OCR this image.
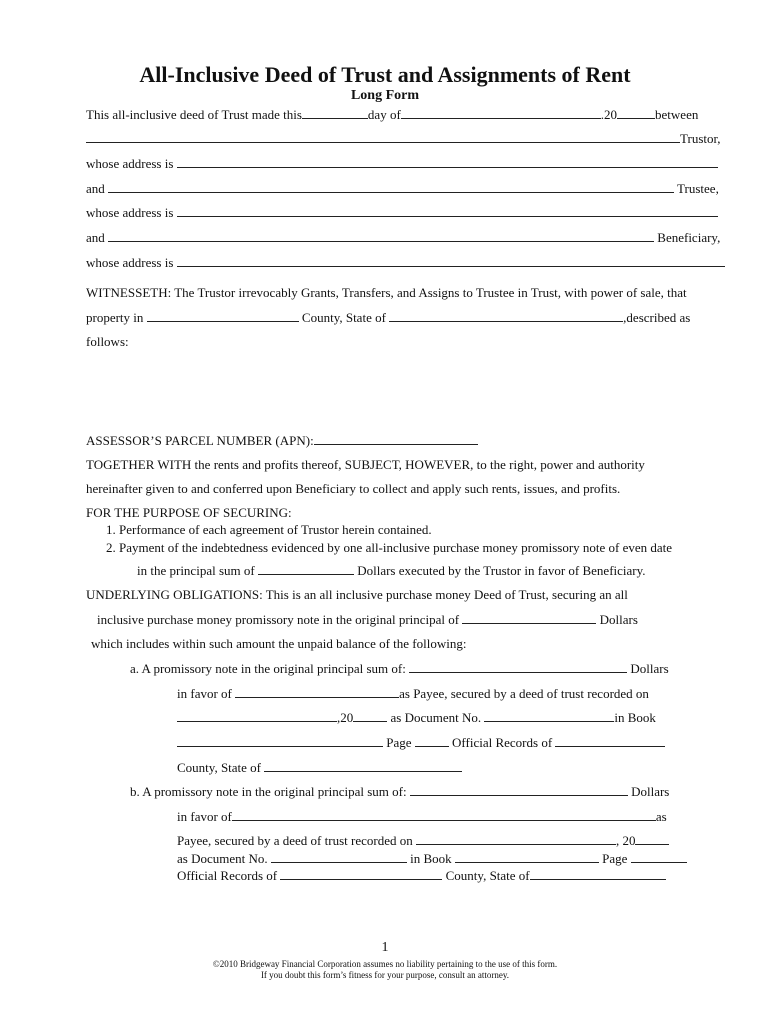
All-Inclusive Deed of Trust and Assignments of Rent
Long Form
This all-inclusive deed of Trust made this	day of	.20	between
Trustor,
whose address is
and	Trustee,
whose address is
and	Beneficiary,
whose address is
WITNESSETH: The Trustor irrevocably Grants, Transfers, and Assigns to Trustee in Trust, with power of sale, that
property in	County, State of	,described as
follows:
ASSESSOR’S PARCEL NUMBER (APN):
TOGETHER WITH the rents and profits thereof, SUBJECT, HOWEVER, to the right, power and authority
hereinafter given to and conferred upon Beneficiary to collect and apply such rents, issues, and profits.
FOR THE PURPOSE OF SECURING:
1. Performance of each agreement of Trustor herein contained.
2. Payment of the indebtedness evidenced by one all-inclusive purchase money promissory note of even date
in the principal sum of	Dollars executed by the Trustor in favor of Beneficiary.
UNDERLYING OBLIGATIONS: This is an all inclusive purchase money Deed of Trust, securing an all
inclusive purchase money promissory note in the original principal of	Dollars
which includes within such amount the unpaid balance of the following:
a. A promissory note in the original principal sum of:	Dollars
in favor of	as Payee, secured by a deed of trust recorded on
,20	as Document No.	in Book
Page	Official Records of
County, State of
b. A promissory note in the original principal sum of:	Dollars
in favor of	as
Payee, secured by a deed of trust recorded on	, 20
as Document No.	in Book	Page
Official Records of	County, State of
1
©2010 Bridgeway Financial Corporation assumes no liability pertaining to the use of this form.
If you doubt this form’s fitness for your purpose, consult an attorney.
